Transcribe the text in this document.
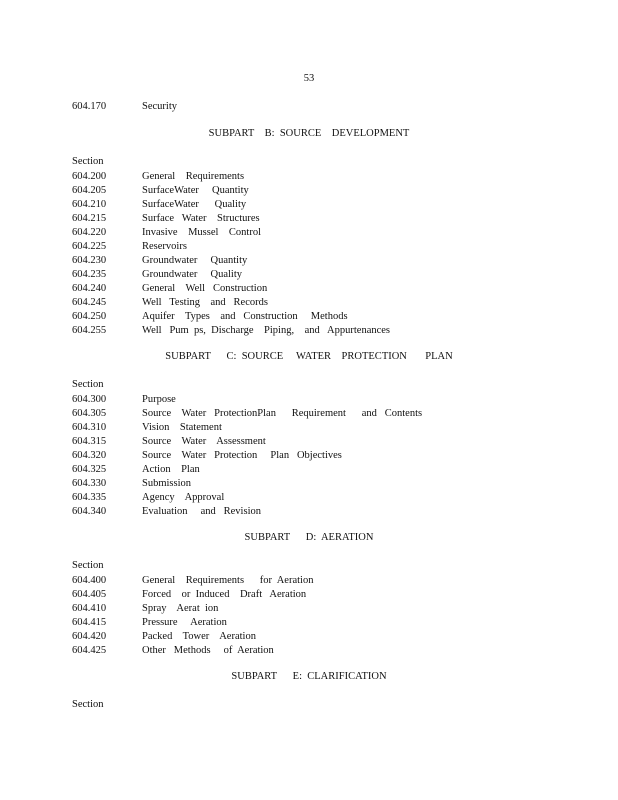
53
604.170	Security
SUBPART    B:  SOURCE    DEVELOPMENT
Section
604.200	General    Requirements
604.205	SurfaceWater     Quantity
604.210	SurfaceWater      Quality
604.215	Surface   Water    Structures
604.220	Invasive    Mussel    Control
604.225	Reservoirs
604.230	Groundwater     Quantity
604.235	Groundwater     Quality
604.240	General    Well   Construction
604.245	Well   Testing    and   Records
604.250	Aquifer    Types    and   Construction     Methods
604.255	Well   Pum  ps,  Discharge    Piping,    and   Appurtenances
SUBPART      C:  SOURCE     WATER    PROTECTION       PLAN
Section
604.300	Purpose
604.305	Source    Water   ProtectionPlan      Requirement      and   Contents
604.310	Vision    Statement
604.315	Source    Water    Assessment
604.320	Source    Water   Protection     Plan   Objectives
604.325	Action    Plan
604.330	Submission
604.335	Agency    Approval
604.340	Evaluation     and   Revision
SUBPART      D:  AERATION
Section
604.400	General    Requirements      for  Aeration
604.405	Forced    or  Induced    Draft   Aeration
604.410	Spray    Aerat  ion
604.415	Pressure     Aeration
604.420	Packed    Tower    Aeration
604.425	Other   Methods     of  Aeration
SUBPART      E:  CLARIFICATION
Section
